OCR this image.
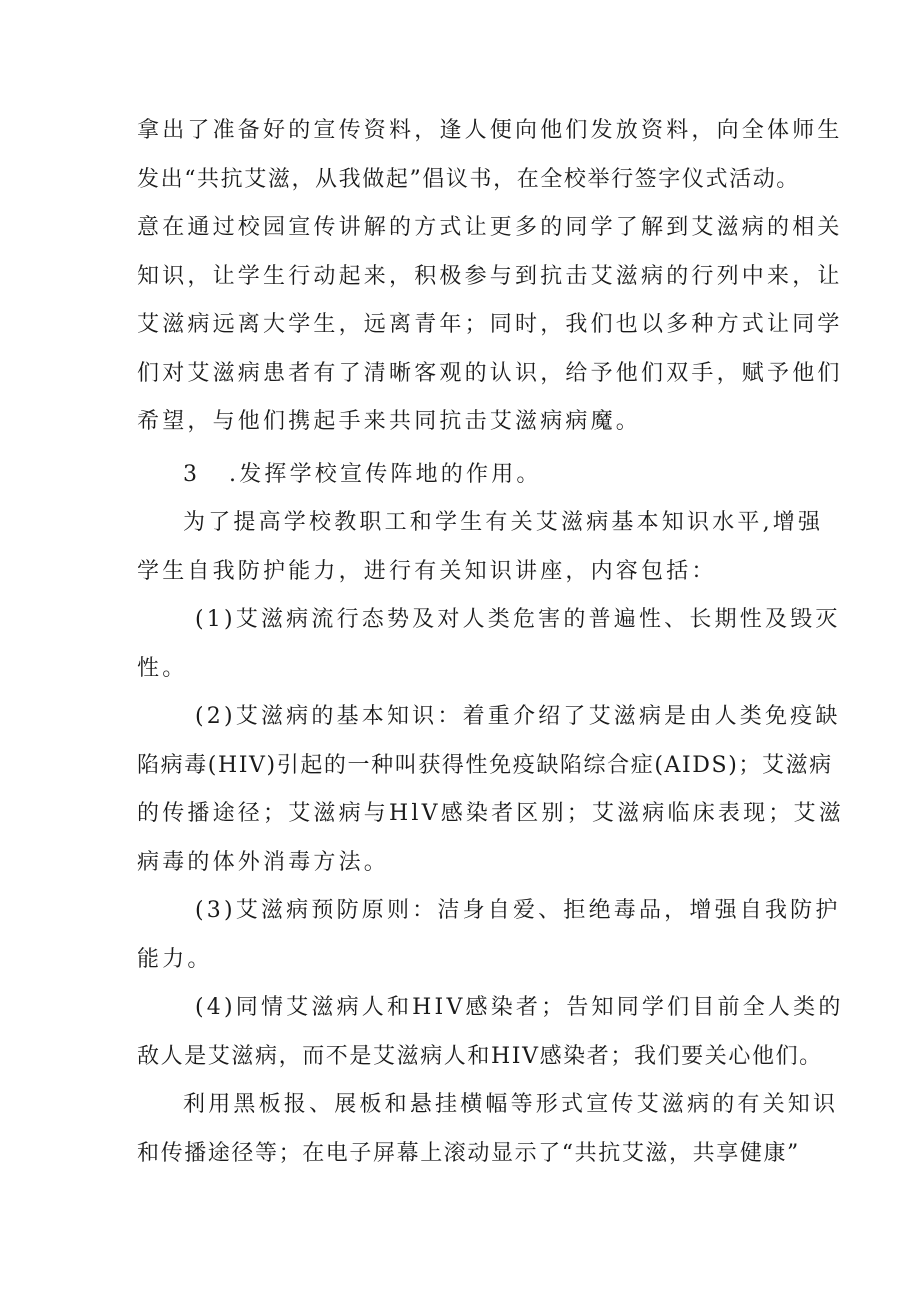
拿出了准备好的宣传资料，逢人便向他们发放资料，向全体师生
发出“共抗艾滋，从我做起”倡议书，在全校举行签字仪式活动。
意在通过校园宣传讲解的方式让更多的同学了解到艾滋病的相关
知识，让学生行动起来，积极参与到抗击艾滋病的行列中来，让
艾滋病远离大学生，远离青年；同时，我们也以多种方式让同学
们对艾滋病患者有了清晰客观的认识，给予他们双手，赋予他们
希望，与他们携起手来共同抗击艾滋病病魔。
3 .发挥学校宣传阵地的作用。
为了提高学校教职工和学生有关艾滋病基本知识水平,增强
学生自我防护能力，进行有关知识讲座，内容包括：
(1)艾滋病流行态势及对人类危害的普遍性、长期性及毁灭
性。
(2)艾滋病的基本知识：着重介绍了艾滋病是由人类免疫缺
陷病毒(HIV)引起的一种叫获得性免疫缺陷综合症(AIDS)；艾滋病
的传播途径；艾滋病与HlV感染者区别；艾滋病临床表现；艾滋
病毒的体外消毒方法。
(3)艾滋病预防原则：洁身自爱、拒绝毒品，增强自我防护
能力。
(4)同情艾滋病人和HIV感染者；告知同学们目前全人类的
敌人是艾滋病，而不是艾滋病人和HIV感染者；我们要关心他们。
利用黑板报、展板和悬挂横幅等形式宣传艾滋病的有关知识
和传播途径等；在电子屏幕上滚动显示了“共抗艾滋，共享健康”
